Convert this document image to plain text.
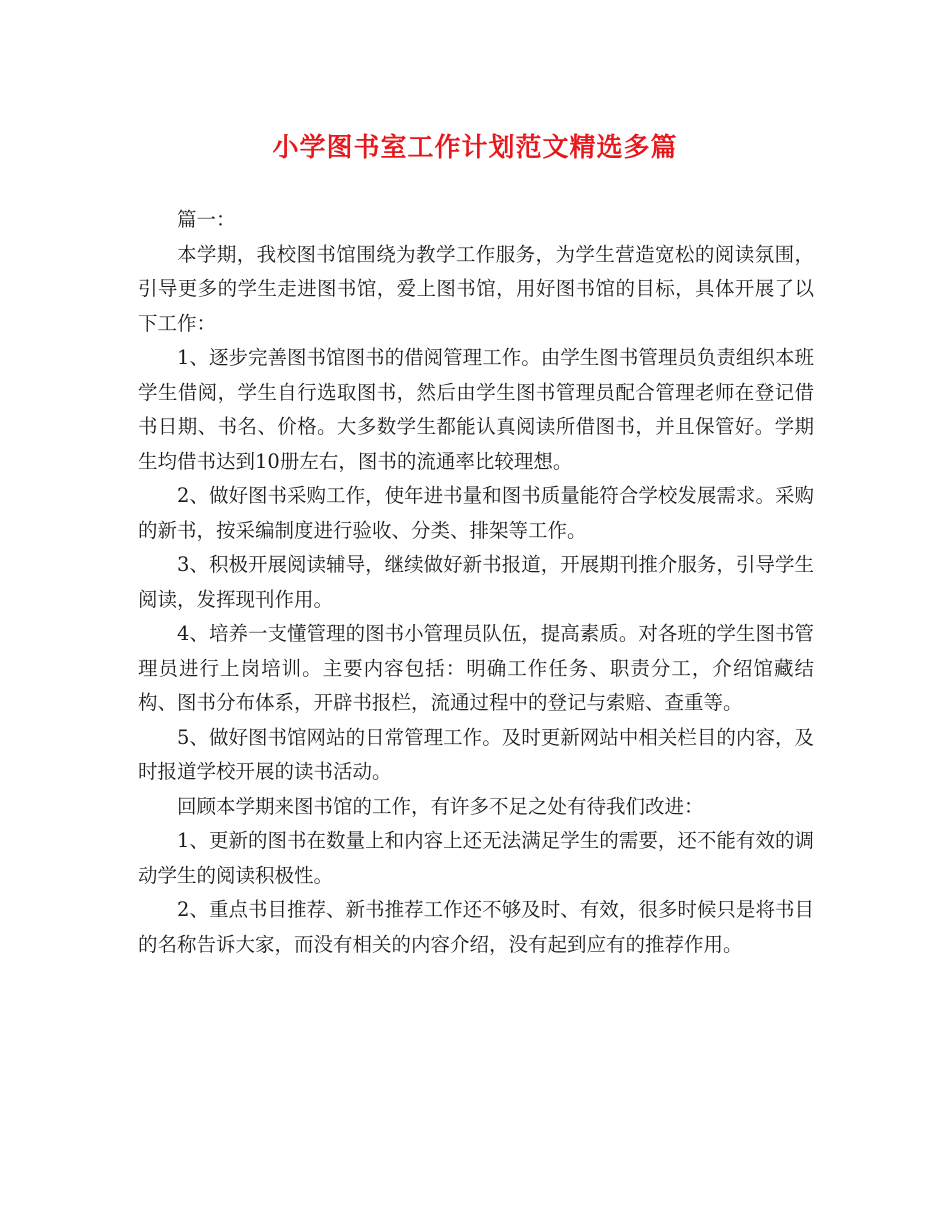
小学图书室工作计划范文精选多篇

篇一：

本学期，我校图书馆围绕为教学工作服务，为学生营造宽松的阅读氛围，引导更多的学生走进图书馆，爱上图书馆，用好图书馆的目标，具体开展了以下工作：

1、逐步完善图书馆图书的借阅管理工作。由学生图书管理员负责组织本班学生借阅，学生自行选取图书，然后由学生图书管理员配合管理老师在登记借书日期、书名、价格。大多数学生都能认真阅读所借图书，并且保管好。学期生均借书达到10册左右，图书的流通率比较理想。

2、做好图书采购工作，使年进书量和图书质量能符合学校发展需求。采购的新书，按采编制度进行验收、分类、排架等工作。

3、积极开展阅读辅导，继续做好新书报道，开展期刊推介服务，引导学生阅读，发挥现刊作用。

4、培养一支懂管理的图书小管理员队伍，提高素质。对各班的学生图书管理员进行上岗培训。主要内容包括：明确工作任务、职责分工，介绍馆藏结构、图书分布体系，开辟书报栏，流通过程中的登记与索赔、查重等。

5、做好图书馆网站的日常管理工作。及时更新网站中相关栏目的内容，及时报道学校开展的读书活动。

回顾本学期来图书馆的工作，有许多不足之处有待我们改进：

1、更新的图书在数量上和内容上还无法满足学生的需要，还不能有效的调动学生的阅读积极性。

2、重点书目推荐、新书推荐工作还不够及时、有效，很多时候只是将书目的名称告诉大家，而没有相关的内容介绍，没有起到应有的推荐作用。
